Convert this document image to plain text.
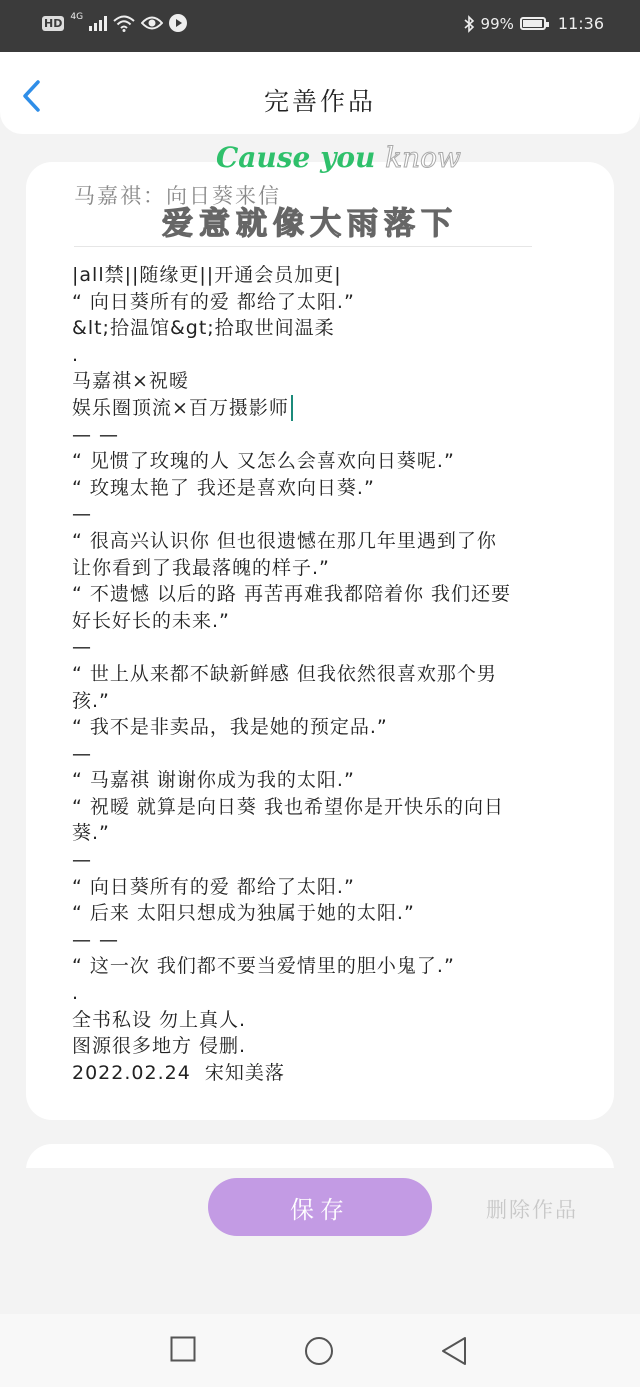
HD 4G	99%	11:36
完善作品
马嘉祺：向日葵来信
爱意就像大雨落下
|all禁||随缘更||开通会员加更|
“ 向日葵所有的爱 都给了太阳.”
&lt;拾温馆&gt;拾取世间温柔
.
马嘉祺×祝暧
娱乐圈顶流×百万摄影师
— —
“ 见惯了玫瑰的人 又怎么会喜欢向日葵呢.”
“ 玫瑰太艳了 我还是喜欢向日葵.”
—
“ 很高兴认识你 但也很遗憾在那几年里遇到了你
让你看到了我最落魄的样子.”
“ 不遗憾 以后的路 再苦再难我都陪着你 我们还要
好长好长的未来.”
—
“ 世上从来都不缺新鲜感 但我依然很喜欢那个男
孩.”
“ 我不是非卖品，我是她的预定品.”
—
“ 马嘉祺 谢谢你成为我的太阳.”
“ 祝暧 就算是向日葵 我也希望你是开快乐的向日
葵.”
—
“ 向日葵所有的爱 都给了太阳.”
“ 后来 太阳只想成为独属于她的太阳.”
— —
“ 这一次 我们都不要当爱情里的胆小鬼了.”
.
全书私设 勿上真人.
图源很多地方 侵删.
2022.02.24  宋知美落
Cause you know
保存	删除作品
